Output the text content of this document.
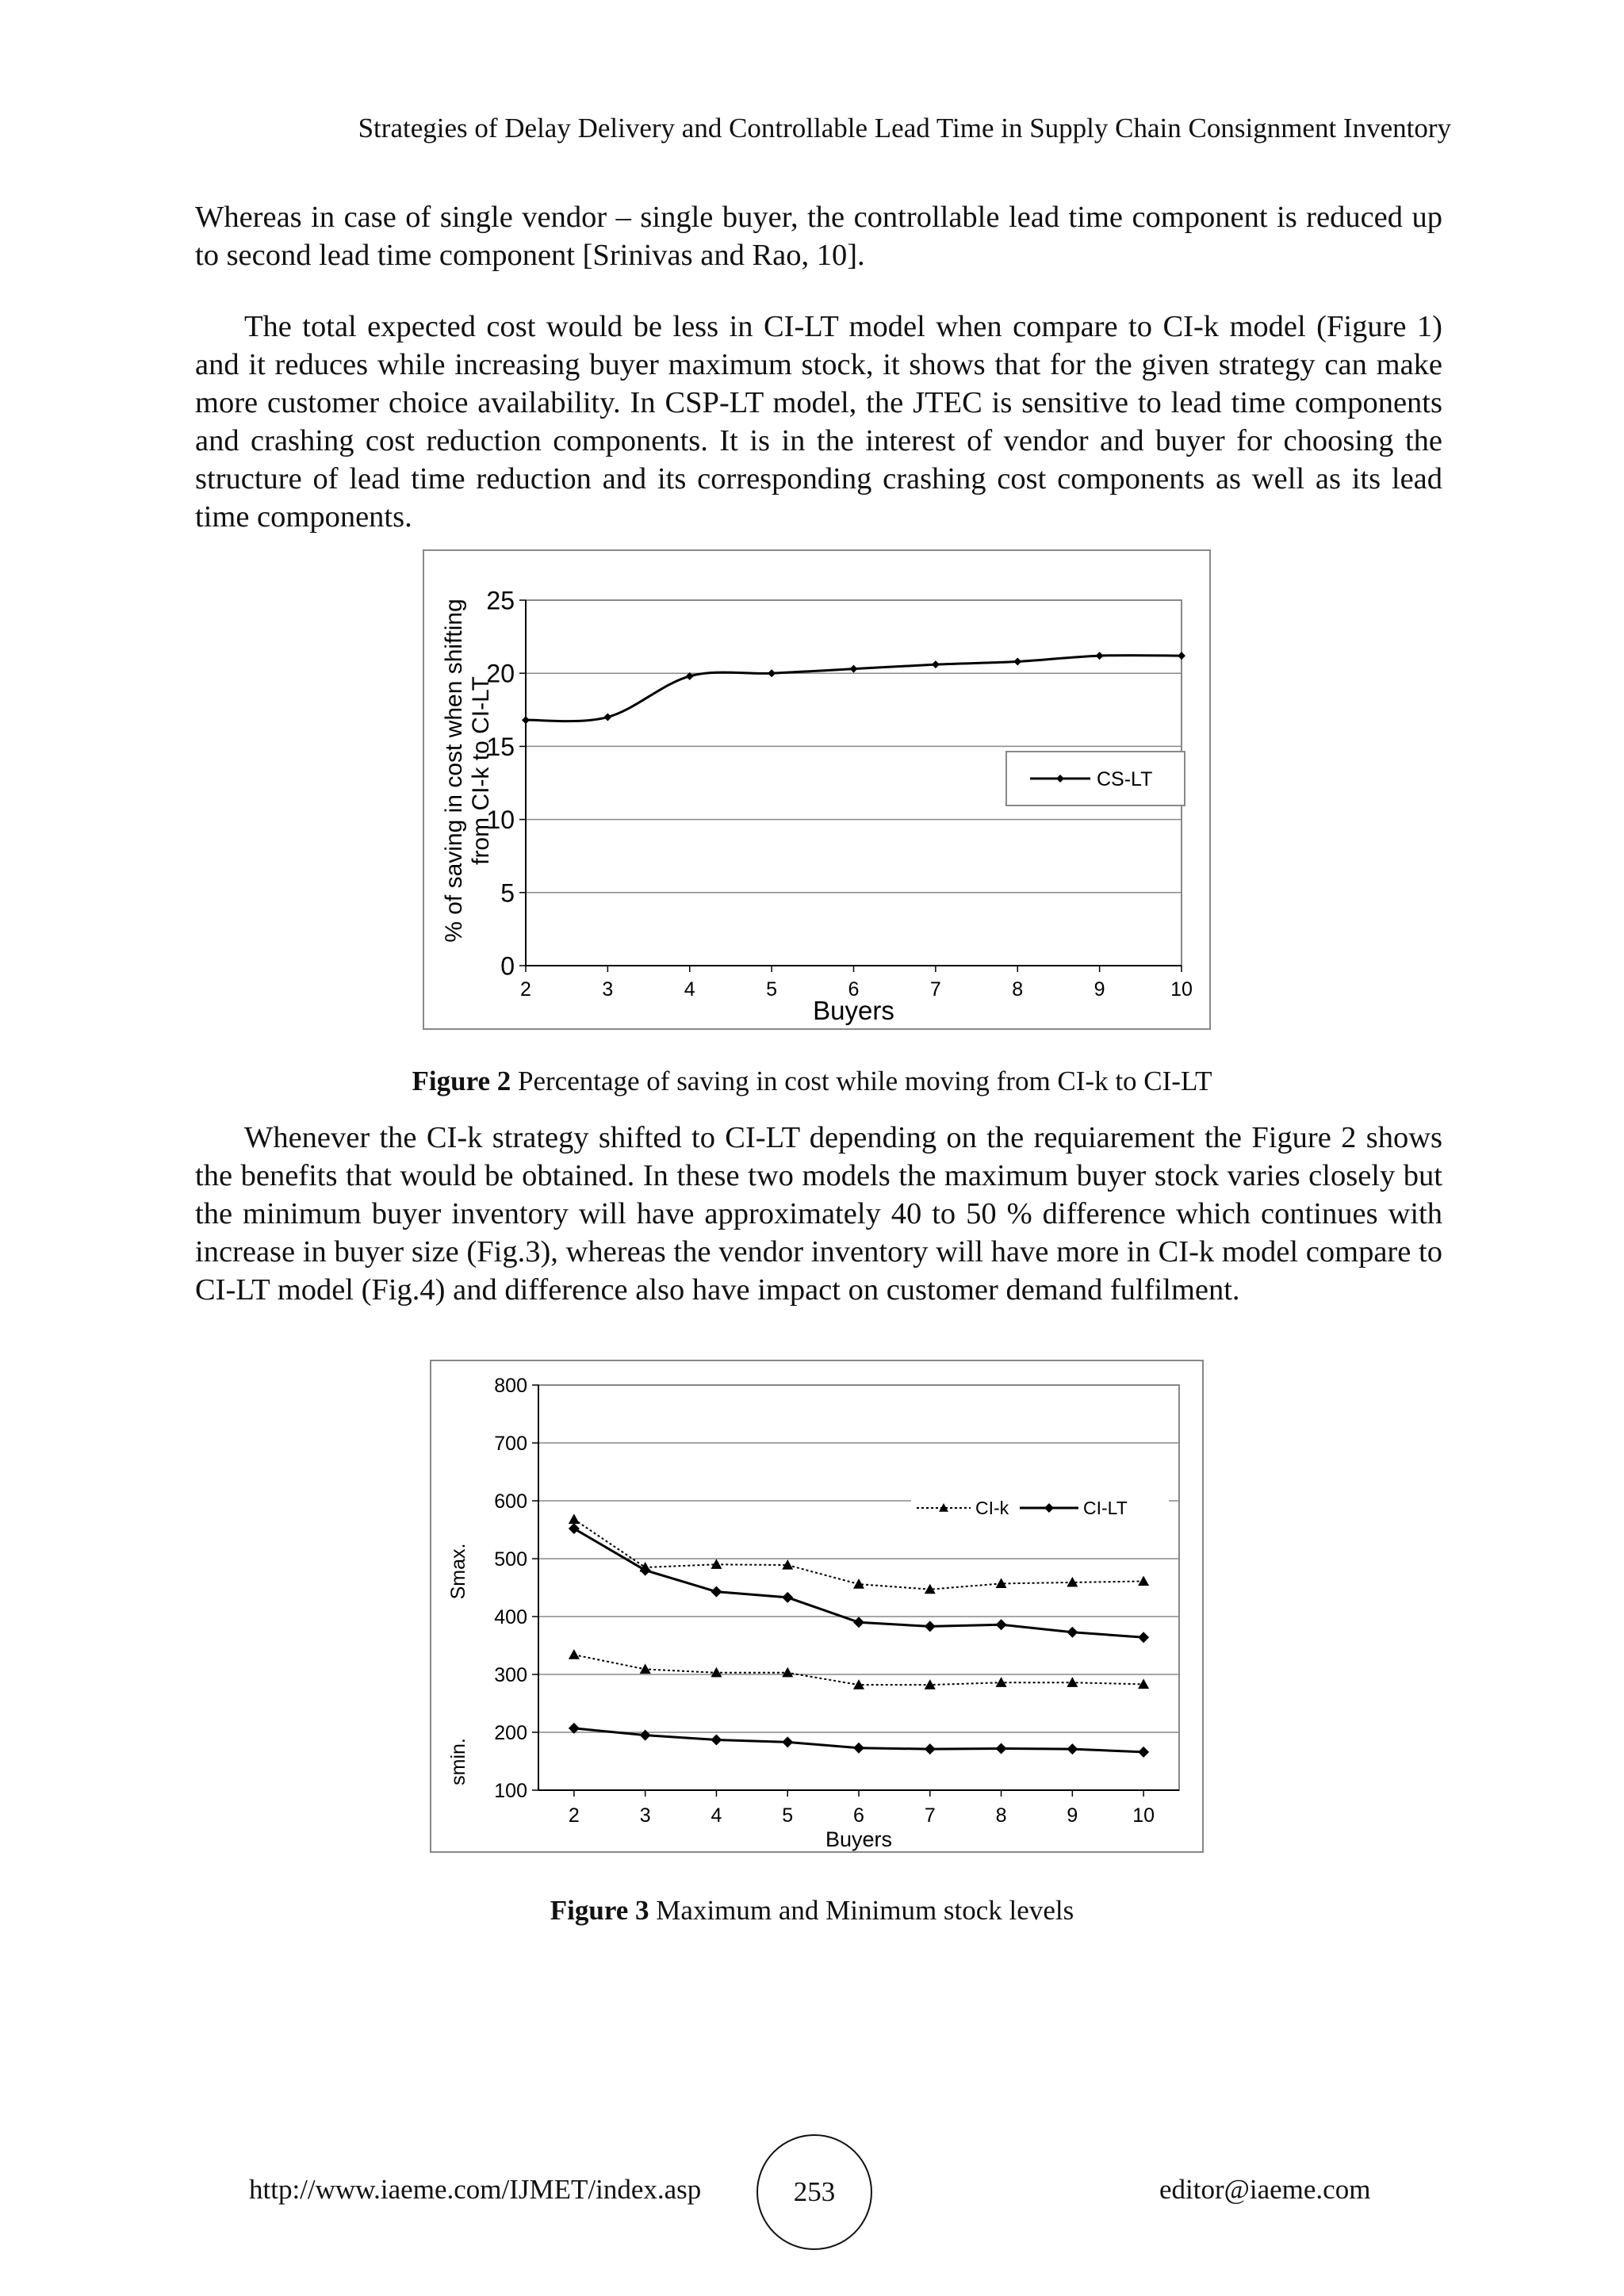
Strategies of Delay Delivery and Controllable Lead Time in Supply Chain Consignment Inventory

Whereas in case of single vendor – single buyer, the controllable lead time component is reduced up to second lead time component [Srinivas and Rao, 10].

The total expected cost would be less in CI-LT model when compare to CI-k model (Figure 1) and it reduces while increasing buyer maximum stock, it shows that for the given strategy can make more customer choice availability. In CSP-LT model, the JTEC is sensitive to lead time components and crashing cost reduction components. It is in the interest of vendor and buyer for choosing the structure of lead time reduction and its corresponding crashing cost components as well as its lead time components.

0
5
10
15
20
25
2	3	4	5	6	7	8	9	10
Buyers
% of saving in cost when shifting from CI-k to CI-LT	CS-LT
Figure 2 Percentage of saving in cost while moving from CI-k to CI-LT

Whenever the CI-k strategy shifted to CI-LT depending on the requiarement the Figure 2 shows the benefits that would be obtained. In these two models the maximum buyer stock varies closely but the minimum buyer inventory will have approximately 40 to 50 % difference which continues with increase in buyer size (Fig.3), whereas the vendor inventory will have more in CI-k model compare to CI-LT model (Fig.4) and difference also have impact on customer demand fulfilment.

100
200
300
400
500
600
700
800
2	3	4	5	6	7	8	9	10
Buyers
Smax.
smin.
CI-k	CI-LT
Figure 3 Maximum and Minimum stock levels
http://www.iaeme.com/IJMET/index.asp	253	editor@iaeme.com
